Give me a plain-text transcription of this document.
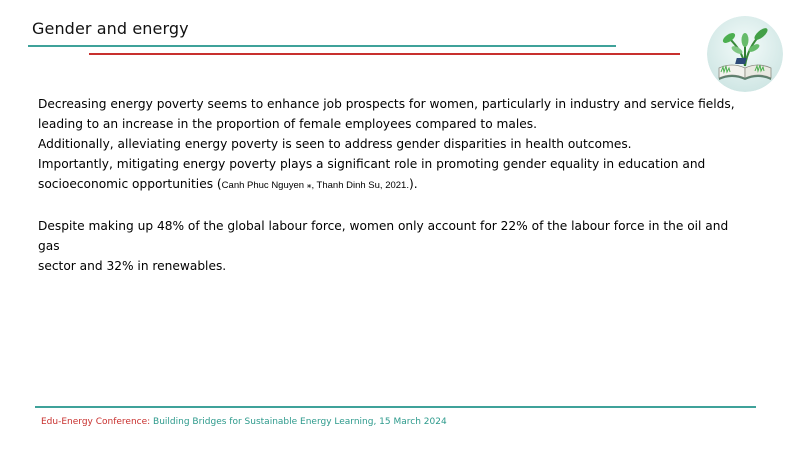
Gender and energy

Decreasing energy poverty seems to enhance job prospects for women, particularly in industry and service fields,

leading to an increase in the proportion of female employees compared to males.

Additionally, alleviating energy poverty is seen to address gender disparities in health outcomes.

Importantly, mitigating energy poverty plays a significant role in promoting gender equality in education and

socioeconomic opportunities (Canh Phuc Nguyen ⁎, Thanh Dinh Su, 2021.).

Despite making up 48% of the global labour force, women only account for 22% of the labour force in the oil and gas

sector and 32% in renewables.

Edu-Energy Conference: Building Bridges for Sustainable Energy Learning, 15 March 2024
